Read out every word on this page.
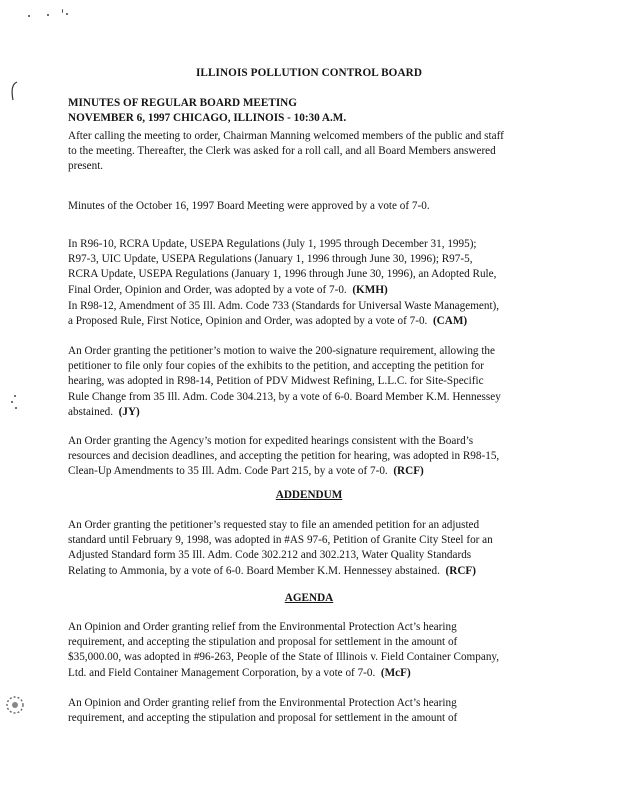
ILLINOIS POLLUTION CONTROL BOARD
MINUTES OF REGULAR BOARD MEETING
NOVEMBER 6, 1997 CHICAGO, ILLINOIS - 10:30 A.M.
After calling the meeting to order, Chairman Manning welcomed members of the public and staff
to the meeting. Thereafter, the Clerk was asked for a roll call, and all Board Members answered
present.
Minutes of the October 16, 1997 Board Meeting were approved by a vote of 7-0.
In R96-10, RCRA Update, USEPA Regulations (July 1, 1995 through December 31, 1995);
R97-3, UIC Update, USEPA Regulations (January 1, 1996 through June 30, 1996); R97-5,
RCRA Update, USEPA Regulations (January 1, 1996 through June 30, 1996), an Adopted Rule,
Final Order, Opinion and Order, was adopted by a vote of 7-0. (KMH)
In R98-12, Amendment of 35 Ill. Adm. Code 733 (Standards for Universal Waste Management),
a Proposed Rule, First Notice, Opinion and Order, was adopted by a vote of 7-0. (CAM)
An Order granting the petitioner’s motion to waive the 200-signature requirement, allowing the
petitioner to file only four copies of the exhibits to the petition, and accepting the petition for
hearing, was adopted in R98-14, Petition of PDV Midwest Refining, L.L.C. for Site-Specific
Rule Change from 35 Ill. Adm. Code 304.213, by a vote of 6-0. Board Member K.M. Hennessey
abstained. (JY)
An Order granting the Agency’s motion for expedited hearings consistent with the Board’s
resources and decision deadlines, and accepting the petition for hearing, was adopted in R98-15,
Clean-Up Amendments to 35 Ill. Adm. Code Part 215, by a vote of 7-0. (RCF)
ADDENDUM
An Order granting the petitioner’s requested stay to file an amended petition for an adjusted
standard until February 9, 1998, was adopted in #AS 97-6, Petition of Granite City Steel for an
Adjusted Standard form 35 Ill. Adm. Code 302.212 and 302.213, Water Quality Standards
Relating to Ammonia, by a vote of 6-0. Board Member K.M. Hennessey abstained. (RCF)
AGENDA
An Opinion and Order granting relief from the Environmental Protection Act’s hearing
requirement, and accepting the stipulation and proposal for settlement in the amount of
$35,000.00, was adopted in #96-263, People of the State of Illinois v. Field Container Company,
Ltd. and Field Container Management Corporation, by a vote of 7-0. (McF)
An Opinion and Order granting relief from the Environmental Protection Act’s hearing
requirement, and accepting the stipulation and proposal for settlement in the amount of
